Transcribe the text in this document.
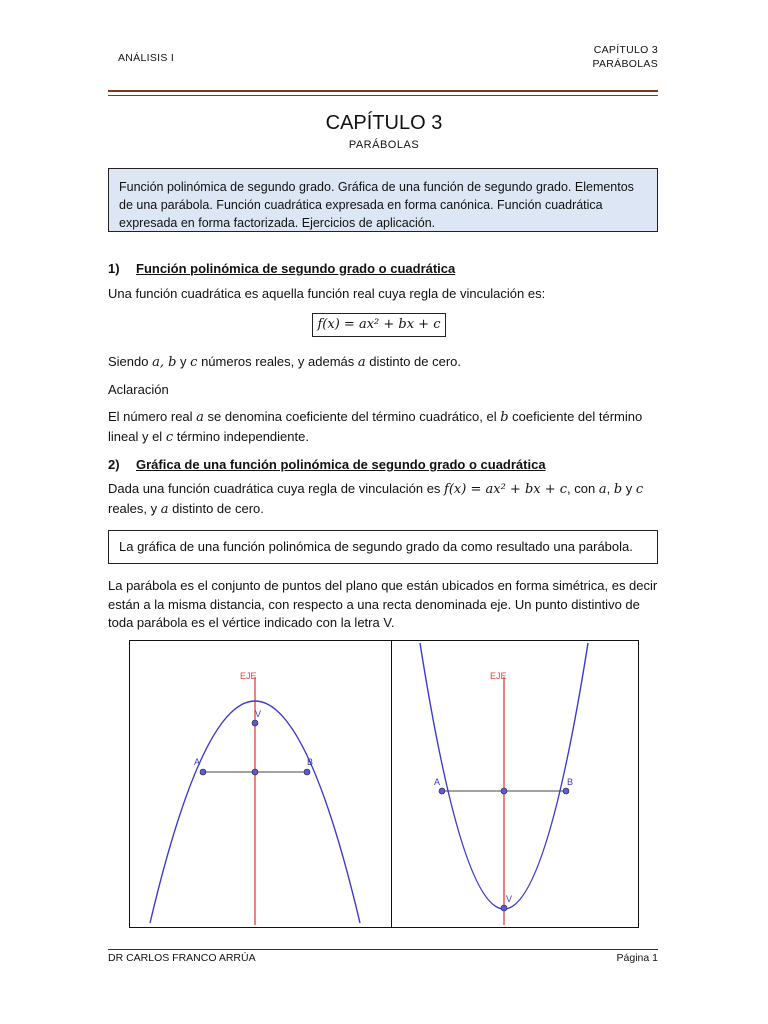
ANÁLISIS I
CAPÍTULO 3
PARÁBOLAS
CAPÍTULO 3
PARÁBOLAS
Función polinómica de segundo grado. Gráfica de una función de segundo grado. Elementos
de una parábola. Función cuadrática expresada en forma canónica. Función cuadrática
expresada en forma factorizada. Ejercicios de aplicación.
1) Función polinómica de segundo grado o cuadrática
Una función cuadrática es aquella función real cuya regla de vinculación es:
f(x) = ax² + bx + c
Siendo a, b y c números reales, y además a distinto de cero.
Aclaración
El número real a se denomina coeficiente del término cuadrático, el b coeficiente del término
lineal y el c término independiente.
2) Gráfica de una función polinómica de segundo grado o cuadrática
Dada una función cuadrática cuya regla de vinculación es f(x) = ax² + bx + c, con a, b y c
reales, y a distinto de cero.
La gráfica de una función polinómica de segundo grado da como resultado una parábola.
La parábola es el conjunto de puntos del plano que están ubicados en forma simétrica, es decir
están a la misma distancia, con respecto a una recta denominada eje. Un punto distintivo de
toda parábola es el vértice indicado con la letra V.
EJE
V
A	B
EJE
V
A	B
DR CARLOS FRANCO ARRÚA	Página 1
